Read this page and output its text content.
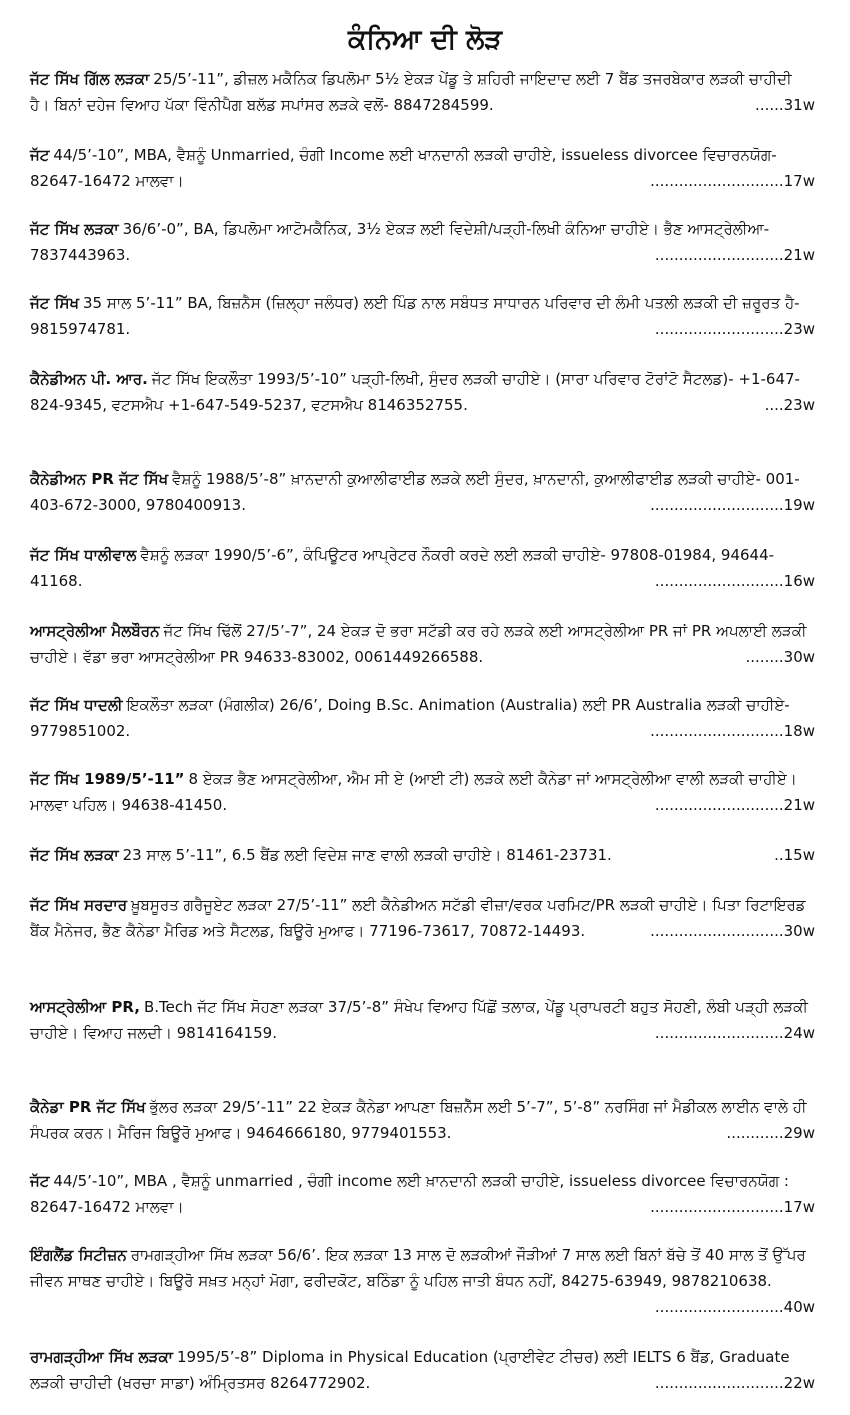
ਕੰਨਿਆ ਦੀ ਲੋੜ
ਜੱਟ ਸਿੱਖ ਗਿੱਲ ਲੜਕਾ 25/5’-11”, ਡੀਜ਼ਲ ਮਕੈਨਿਕ ਡਿਪਲੋਮਾ 5½ ਏਕੜ ਪੇਂਡੂ ਤੇ ਸ਼ਹਿਰੀ ਜਾਇਦਾਦ ਲਈ 7 ਬੈਂਡ ਤਜਰਬੇਕਾਰ ਲੜਕੀ ਚਾਹੀਦੀ ਹੈ। ਬਿਨਾਂ ਦਹੇਜ ਵਿਆਹ ਪੱਕਾ ਵਿੰਨੀਪੈਗ ਬਲੱਡ ਸਪਾਂਸਰ ਲੜਕੇ ਵਲੋਂ- 8847284599.	......31w
ਜੱਟ 44/5’-10”, MBA, ਵੈਸ਼ਨੂੰ Unmarried, ਚੰਗੀ Income ਲਈ ਖਾਨਦਾਨੀ ਲੜਕੀ ਚਾਹੀਏ, issueless divorcee ਵਿਚਾਰਨਯੋਗ- 82647-16472 ਮਾਲਵਾ।	............................17w
ਜੱਟ ਸਿੱਖ ਲੜਕਾ 36/6’-0”, BA, ਡਿਪਲੋਮਾ ਆਟੋਮਕੈਨਿਕ, 3½ ਏਕੜ ਲਈ ਵਿਦੇਸ਼ੀ/ਪੜ੍ਹੀ-ਲਿਖੀ ਕੰਨਿਆ ਚਾਹੀਏ। ਭੈਣ ਆਸਟ੍ਰੇਲੀਆ- 7837443963.	...........................21w
ਜੱਟ ਸਿੱਖ 35 ਸਾਲ 5’-11” BA, ਬਿਜ਼ਨੈਸ (ਜ਼ਿਲ੍ਹਾ ਜਲੰਧਰ) ਲਈ ਪਿੰਡ ਨਾਲ ਸਬੰਧਤ ਸਾਧਾਰਨ ਪਰਿਵਾਰ ਦੀ ਲੰਮੀ ਪਤਲੀ ਲੜਕੀ ਦੀ ਜ਼ਰੂਰਤ ਹੈ- 9815974781.	...........................23w
ਕੈਨੇਡੀਅਨ ਪੀ. ਆਰ. ਜੱਟ ਸਿੱਖ ਇਕਲੌਤਾ 1993/5’-10” ਪੜ੍ਹੀ-ਲਿਖੀ, ਸੁੰਦਰ ਲੜਕੀ ਚਾਹੀਏ। (ਸਾਰਾ ਪਰਿਵਾਰ ਟੋਰਾਂਟੋ ਸੈਟਲਡ)- +1-647-824-9345, ਵਟਸਐਪ +1-647-549-5237, ਵਟਸਐਪ 8146352755.	....23w
ਕੈਨੇਡੀਅਨ PR ਜੱਟ ਸਿੱਖ ਵੈਸ਼ਨੂੰ 1988/5’-8” ਖ਼ਾਨਦਾਨੀ ਕੁਆਲੀਫਾਈਡ ਲੜਕੇ ਲਈ ਸੁੰਦਰ, ਖ਼ਾਨਦਾਨੀ, ਕੁਆਲੀਫਾਈਡ ਲੜਕੀ ਚਾਹੀਏ- 001-403-672-3000, 9780400913.	............................19w
ਜੱਟ ਸਿੱਖ ਧਾਲੀਵਾਲ ਵੈਸ਼ਨੂੰ ਲੜਕਾ 1990/5’-6”, ਕੰਪਿਊਟਰ ਆਪ੍ਰੇਟਰ ਨੌਕਰੀ ਕਰਦੇ ਲਈ ਲੜਕੀ ਚਾਹੀਏ- 97808-01984, 94644-41168.	...........................16w
ਆਸਟ੍ਰੇਲੀਆ ਮੈਲਬੌਰਨ ਜੱਟ ਸਿੱਖ ਢਿੱਲੋਂ 27/5’-7”, 24 ਏਕੜ ਦੋ ਭਰਾ ਸਟੱਡੀ ਕਰ ਰਹੇ ਲੜਕੇ ਲਈ ਆਸਟ੍ਰੇਲੀਆ PR ਜਾਂ PR ਅਪਲਾਈ ਲੜਕੀ ਚਾਹੀਏ। ਵੱਡਾ ਭਰਾ ਆਸਟ੍ਰੇਲੀਆ PR 94633-83002, 0061449266588.	........30w
ਜੱਟ ਸਿੱਖ ਧਾਦਲੀ ਇਕਲੌਤਾ ਲੜਕਾ (ਮੰਗਲੀਕ) 26/6’, Doing B.Sc. Animation (Australia) ਲਈ PR Australia ਲੜਕੀ ਚਾਹੀਏ- 9779851002.	............................18w
ਜੱਟ ਸਿੱਖ 1989/5’-11” 8 ਏਕੜ ਭੈਣ ਆਸਟ੍ਰੇਲੀਆ, ਐਮ ਸੀ ਏ (ਆਈ ਟੀ) ਲੜਕੇ ਲਈ ਕੈਨੇਡਾ ਜਾਂ ਆਸਟ੍ਰੇਲੀਆ ਵਾਲੀ ਲੜਕੀ ਚਾਹੀਏ। ਮਾਲਵਾ ਪਹਿਲ। 94638-41450.	...........................21w
ਜੱਟ ਸਿੱਖ ਲੜਕਾ 23 ਸਾਲ 5’-11”, 6.5 ਬੈਂਡ ਲਈ ਵਿਦੇਸ਼ ਜਾਣ ਵਾਲੀ ਲੜਕੀ ਚਾਹੀਏ। 81461-23731.	..15w
ਜੱਟ ਸਿੱਖ ਸਰਦਾਰ ਖ਼ੂਬਸੂਰਤ ਗਰੈਜੂਏਟ ਲੜਕਾ 27/5’-11” ਲਈ ਕੈਨੇਡੀਅਨ ਸਟੱਡੀ ਵੀਜ਼ਾ/ਵਰਕ ਪਰਮਿਟ/PR ਲੜਕੀ ਚਾਹੀਏ। ਪਿਤਾ ਰਿਟਾਇਰਡ ਬੈਂਕ ਮੈਨੇਜਰ, ਭੈਣ ਕੈਨੇਡਾ ਮੈਰਿਡ ਅਤੇ ਸੈਟਲਡ, ਬਿਊਰੋ ਮੁਆਫ। 77196-73617, 70872-14493.	............................30w
ਆਸਟ੍ਰੇਲੀਆ PR, B.Tech ਜੱਟ ਸਿੱਖ ਸੋਹਣਾ ਲੜਕਾ 37/5’-8” ਸੰਖੇਪ ਵਿਆਹ ਪਿੱਛੋਂ ਤਲਾਕ, ਪੇਂਡੂ ਪ੍ਰਾਪਰਟੀ ਬਹੁਤ ਸੋਹਣੀ, ਲੰਬੀ ਪੜ੍ਹੀ ਲੜਕੀ ਚਾਹੀਏ। ਵਿਆਹ ਜਲਦੀ। 9814164159.	...........................24w
ਕੈਨੇਡਾ PR ਜੱਟ ਸਿੱਖ ਭੁੱਲਰ ਲੜਕਾ 29/5’-11” 22 ਏਕੜ ਕੈਨੇਡਾ ਆਪਣਾ ਬਿਜ਼ਨੈੱਸ ਲਈ 5’-7”, 5’-8” ਨਰਸਿੰਗ ਜਾਂ ਮੈਡੀਕਲ ਲਾਈਨ ਵਾਲੇ ਹੀ ਸੰਪਰਕ ਕਰਨ। ਮੈਰਿਜ ਬਿਊਰੋ ਮੁਆਫ। 9464666180, 9779401553.	............29w
ਜੱਟ 44/5’-10”, MBA , ਵੈਸ਼ਨੂੰ unmarried , ਚੰਗੀ income ਲਈ ਖ਼ਾਨਦਾਨੀ ਲੜਕੀ ਚਾਹੀਏ, issueless divorcee ਵਿਚਾਰਨਯੋਗ : 82647-16472 ਮਾਲਵਾ।	............................17w
ਇੰਗਲੈਂਡ ਸਿਟੀਜ਼ਨ ਰਾਮਗੜ੍ਹੀਆ ਸਿੱਖ ਲੜਕਾ 56/6’. ਇਕ ਲੜਕਾ 13 ਸਾਲ ਦੋ ਲੜਕੀਆਂ ਜੌੜੀਆਂ 7 ਸਾਲ ਲਈ ਬਿਨਾਂ ਬੱਚੇ ਤੋਂ 40 ਸਾਲ ਤੋਂ ਉੱਪਰ ਜੀਵਨ ਸਾਥਣ ਚਾਹੀਏ। ਬਿਊਰੋ ਸਖ਼ਤ ਮਨ੍ਹਾਂ ਮੋਗਾ, ਫਰੀਦਕੋਟ, ਬਠਿੰਡਾ ਨੂੰ ਪਹਿਲ ਜਾਤੀ ਬੰਧਨ ਨਹੀਂ, 84275-63949, 9878210638.
...........................40w
ਰਾਮਗੜ੍ਹੀਆ ਸਿੱਖ ਲੜਕਾ 1995/5’-8” Diploma in Physical Education (ਪ੍ਰਾਈਵੇਟ ਟੀਚਰ) ਲਈ IELTS 6 ਬੈਂਡ, Graduate ਲੜਕੀ ਚਾਹੀਦੀ (ਖਰਚਾ ਸਾਡਾ) ਅੰਮ੍ਰਿਤਸਰ 8264772902.	...........................22w
